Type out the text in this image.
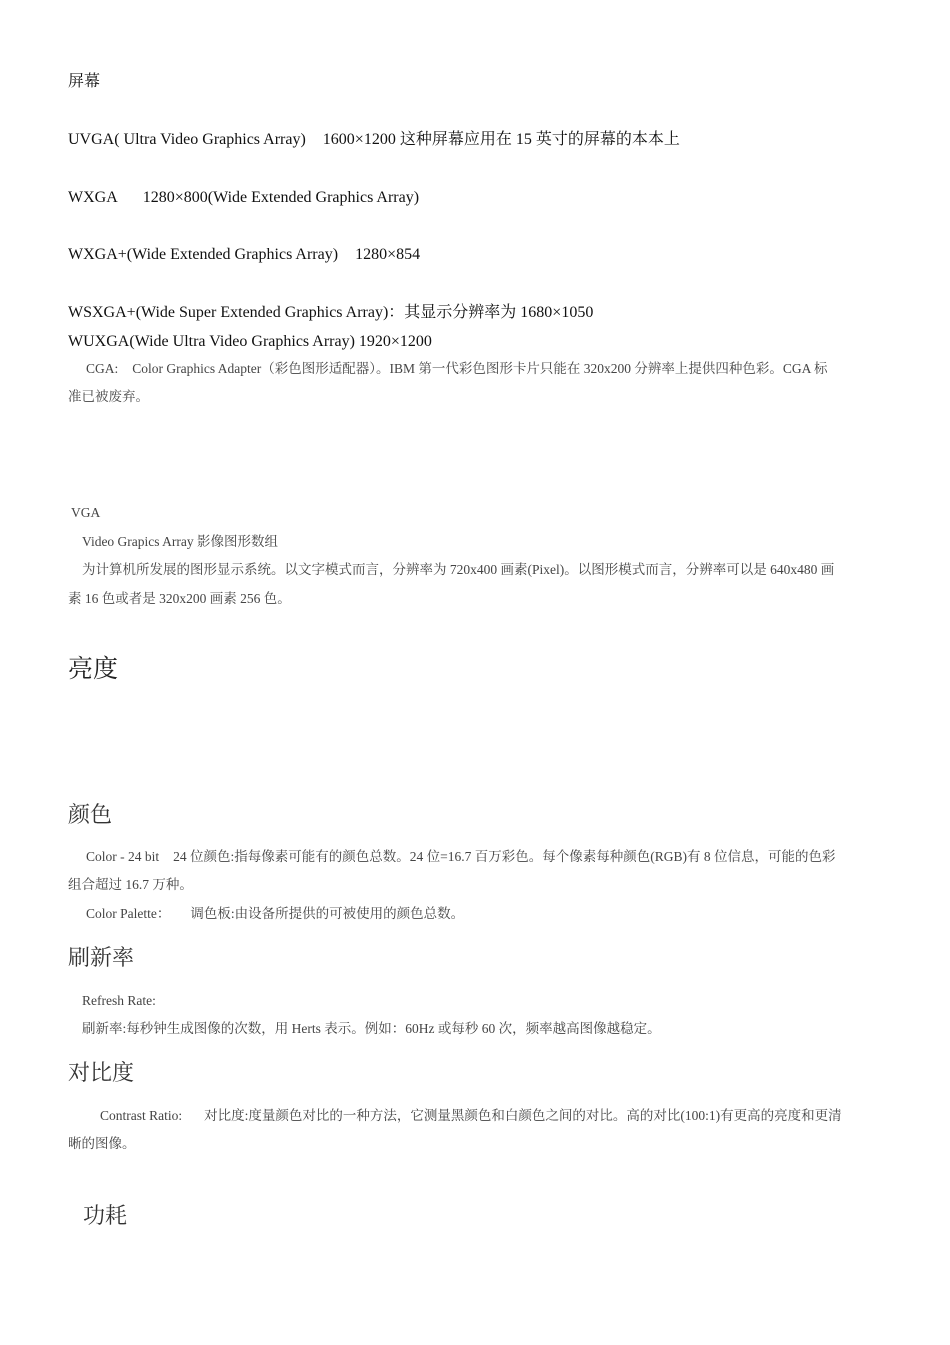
屏幕
UVGA( Ultra Video Graphics Array) 1600×1200 这种屏幕应用在 15 英寸的屏幕的本本上
WXGA 1280×800(Wide Extended Graphics Array)
WXGA+(Wide Extended Graphics Array) 1280×854
WSXGA+(Wide Super Extended Graphics Array)：其显示分辨率为 1680×1050
WUXGA(Wide Ultra Video Graphics Array) 1920×1200
CGA: Color Graphics Adapter（彩色图形适配器）。IBM 第一代彩色图形卡片只能在 320x200 分辨率上提供四种色彩。CGA 标
准已被废弃。
VGA
Video Grapics Array 影像图形数组
为计算机所发展的图形显示系统。以文字模式而言，分辨率为 720x400 画素(Pixel)。以图形模式而言，分辨率可以是 640x480 画
素 16 色或者是 320x200 画素 256 色。
亮度
颜色
Color - 24 bit 24 位颜色:指每像素可能有的颜色总数。24 位=16.7 百万彩色。每个像素每种颜色(RGB)有 8 位信息，可能的色彩
组合超过 16.7 万种。
Color Palette： 调色板:由设备所提供的可被使用的颜色总数。
刷新率
Refresh Rate:
刷新率:每秒钟生成图像的次数，用 Herts 表示。例如：60Hz 或每秒 60 次，频率越高图像越稳定。
对比度
Contrast Ratio: 对比度:度量颜色对比的一种方法，它测量黑颜色和白颜色之间的对比。高的对比(100:1)有更高的亮度和更清
晰的图像。
功耗
